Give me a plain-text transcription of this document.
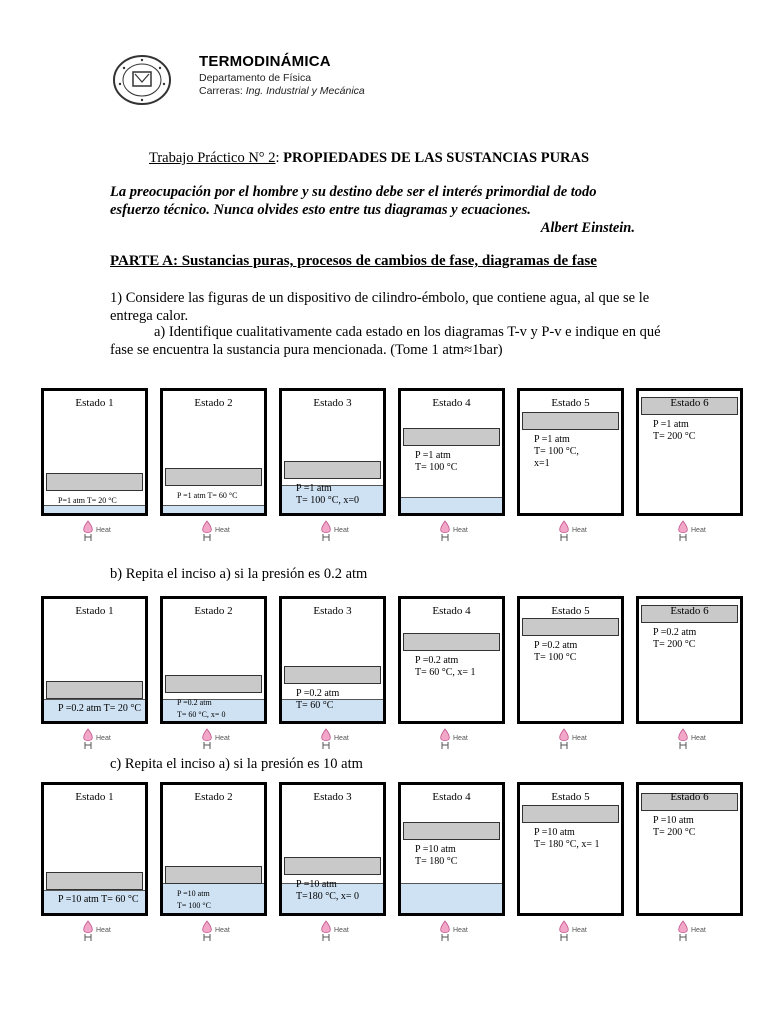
TERMODINÁMICA
Departamento de Física
Carreras: Ing. Industrial y Mecánica
Trabajo Práctico N° 2: PROPIEDADES DE LAS SUSTANCIAS PURAS
La preocupación por el hombre y su destino debe ser el interés primordial de todo esfuerzo técnico. Nunca olvides esto entre tus diagramas y ecuaciones.
Albert Einstein.
PARTE A: Sustancias puras, procesos de cambios de fase, diagramas de fase
1) Considere las figuras de un dispositivo de cilindro-émbolo, que contiene agua, al que se le entrega calor.
a) Identifique cualitativamente cada estado en los diagramas T-v y P-v e indique en qué fase se encuentra la sustancia pura mencionada. (Tome 1 atm≈1bar)
Estado 1
P=1 atm T= 20 °C
Heat
Estado 2
P =1 atm T= 60 °C
Heat
Estado 3
P =1 atm
T= 100 °C, x=0
Heat
Estado 4
P =1 atm
T= 100 °C
Heat
Estado 5
P =1 atm
T= 100 °C,
x=1
Heat
Estado 6
P =1 atm
T= 200 °C
Heat
b) Repita el inciso a) si la presión es 0.2 atm
Estado 1
P =0.2 atm T= 20 °C
Heat
Estado 2
P =0.2 atm
T= 60 °C, x= 0
Heat
Estado 3
P =0.2 atm
T= 60 °C
Heat
Estado 4
P =0.2 atm
T= 60 °C, x= 1
Heat
Estado 5
P =0.2 atm
T= 100 °C
Heat
Estado 6
P =0.2 atm
T= 200 °C
Heat
c) Repita el inciso a) si la presión es 10 atm
Estado 1
P =10 atm T= 60 °C
Heat
Estado 2
P =10 atm
T= 100 °C
Heat
Estado 3
P =10 atm
T=180 °C, x= 0
Heat
Estado 4
P =10 atm
T= 180 °C
Heat
Estado 5
P =10 atm
T= 180 °C, x= 1
Heat
Estado 6
P =10 atm
T= 200 °C
Heat
